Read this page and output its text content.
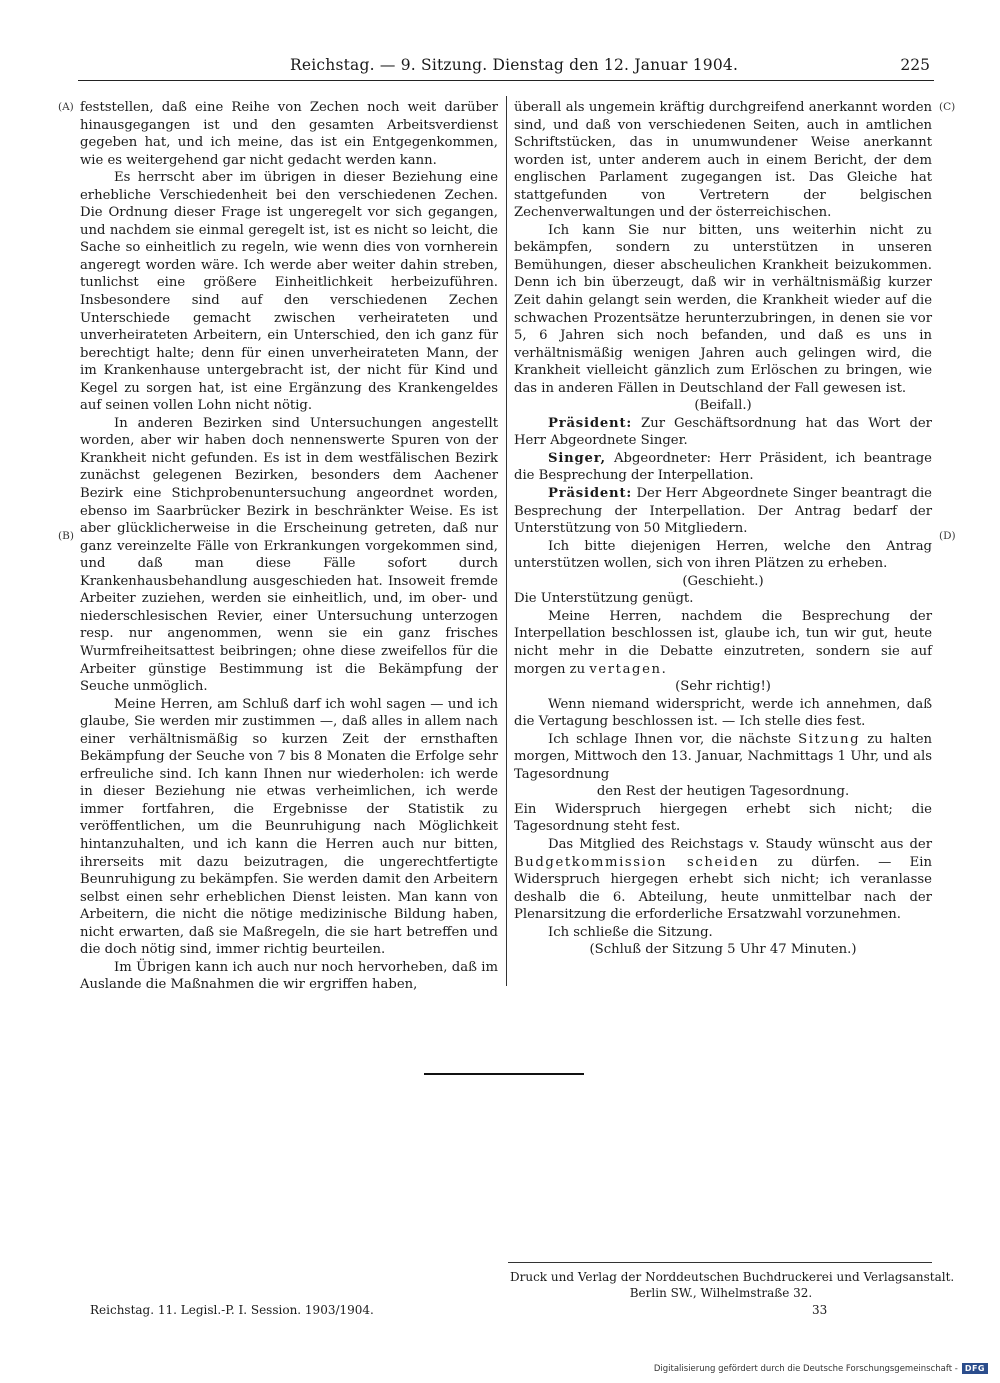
Reichstag. — 9. Sitzung. Dienstag den 12. Januar 1904.	225
(A)
(B)
(C)
(D)

feststellen, daß eine Reihe von Zechen noch weit darüber hinausgegangen ist und den gesamten Arbeitsverdienst gegeben hat, und ich meine, das ist ein Entgegenkommen, wie es weitergehend gar nicht gedacht werden kann.

Es herrscht aber im übrigen in dieser Beziehung eine erhebliche Verschiedenheit bei den verschiedenen Zechen. Die Ordnung dieser Frage ist ungeregelt vor sich gegangen, und nachdem sie einmal geregelt ist, ist es nicht so leicht, die Sache so einheitlich zu regeln, wie wenn dies von vornherein angeregt worden wäre. Ich werde aber weiter dahin streben, tunlichst eine größere Einheitlichkeit herbeizuführen. Insbesondere sind auf den verschiedenen Zechen Unterschiede gemacht zwischen verheirateten und unverheirateten Arbeitern, ein Unterschied, den ich ganz für berechtigt halte; denn für einen unverheirateten Mann, der im Krankenhause untergebracht ist, der nicht für Kind und Kegel zu sorgen hat, ist eine Ergänzung des Krankengeldes auf seinen vollen Lohn nicht nötig.

In anderen Bezirken sind Untersuchungen angestellt worden, aber wir haben doch nennenswerte Spuren von der Krankheit nicht gefunden. Es ist in dem westfälischen Bezirk zunächst gelegenen Bezirken, besonders dem Aachener Bezirk eine Stichprobenuntersuchung angeordnet worden, ebenso im Saarbrücker Bezirk in beschränkter Weise. Es ist aber glücklicherweise in die Erscheinung getreten, daß nur ganz vereinzelte Fälle von Erkrankungen vorgekommen sind, und daß man diese Fälle sofort durch Krankenhausbehandlung ausgeschieden hat. Insoweit fremde Arbeiter zuziehen, werden sie einheitlich, und, im ober- und niederschlesischen Revier, einer Untersuchung unterzogen resp. nur angenommen, wenn sie ein ganz frisches Wurmfreiheitsattest beibringen; ohne diese zweifellos für die Arbeiter günstige Bestimmung ist die Bekämpfung der Seuche unmöglich.

Meine Herren, am Schluß darf ich wohl sagen — und ich glaube, Sie werden mir zustimmen —, daß alles in allem nach einer verhältnismäßig so kurzen Zeit der ernsthaften Bekämpfung der Seuche von 7 bis 8 Monaten die Erfolge sehr erfreuliche sind. Ich kann Ihnen nur wiederholen: ich werde in dieser Beziehung nie etwas verheimlichen, ich werde immer fortfahren, die Ergebnisse der Statistik zu veröffentlichen, um die Beunruhigung nach Möglichkeit hintanzuhalten, und ich kann die Herren auch nur bitten, ihrerseits mit dazu beizutragen, die ungerechtfertigte Beunruhigung zu bekämpfen. Sie werden damit den Arbeitern selbst einen sehr erheblichen Dienst leisten. Man kann von Arbeitern, die nicht die nötige medizinische Bildung haben, nicht erwarten, daß sie Maßregeln, die sie hart betreffen und die doch nötig sind, immer richtig beurteilen.

Im Übrigen kann ich auch nur noch hervorheben, daß im Auslande die Maßnahmen die wir ergriffen haben,

überall als ungemein kräftig durchgreifend anerkannt worden sind, und daß von verschiedenen Seiten, auch in amtlichen Schriftstücken, das in unumwundener Weise anerkannt worden ist, unter anderem auch in einem Bericht, der dem englischen Parlament zugegangen ist. Das Gleiche hat stattgefunden von Vertretern der belgischen Zechenverwaltungen und der österreichischen.

Ich kann Sie nur bitten, uns weiterhin nicht zu bekämpfen, sondern zu unterstützen in unseren Bemühungen, dieser abscheulichen Krankheit beizukommen. Denn ich bin überzeugt, daß wir in verhältnismäßig kurzer Zeit dahin gelangt sein werden, die Krankheit wieder auf die schwachen Prozentsätze herunterzubringen, in denen sie vor 5, 6 Jahren sich noch befanden, und daß es uns in verhältnismäßig wenigen Jahren auch gelingen wird, die Krankheit vielleicht gänzlich zum Erlöschen zu bringen, wie das in anderen Fällen in Deutschland der Fall gewesen ist.

(Beifall.)

Präsident: Zur Geschäftsordnung hat das Wort der Herr Abgeordnete Singer.

Singer, Abgeordneter: Herr Präsident, ich beantrage die Besprechung der Interpellation.

Präsident: Der Herr Abgeordnete Singer beantragt die Besprechung der Interpellation. Der Antrag bedarf der Unterstützung von 50 Mitgliedern.

Ich bitte diejenigen Herren, welche den Antrag unterstützen wollen, sich von ihren Plätzen zu erheben.

(Geschieht.)

Die Unterstützung genügt.

Meine Herren, nachdem die Besprechung der Interpellation beschlossen ist, glaube ich, tun wir gut, heute nicht mehr in die Debatte einzutreten, sondern sie auf morgen zu vertagen.

(Sehr richtig!)

Wenn niemand widerspricht, werde ich annehmen, daß die Vertagung beschlossen ist. — Ich stelle dies fest.

Ich schlage Ihnen vor, die nächste Sitzung zu halten morgen, Mittwoch den 13. Januar, Nachmittags 1 Uhr, und als Tagesordnung

den Rest der heutigen Tagesordnung.

Ein Widerspruch hiergegen erhebt sich nicht; die Tagesordnung steht fest.

Das Mitglied des Reichstags v. Staudy wünscht aus der Budgetkommission scheiden zu dürfen. — Ein Widerspruch hiergegen erhebt sich nicht; ich veranlasse deshalb die 6. Abteilung, heute unmittelbar nach der Plenarsitzung die erforderliche Ersatzwahl vorzunehmen.

Ich schließe die Sitzung.

(Schluß der Sitzung 5 Uhr 47 Minuten.)

Druck und Verlag der Norddeutschen Buchdruckerei und Verlagsanstalt.
Berlin SW., Wilhelmstraße 32.
Reichstag. 11. Legisl.-P. I. Session. 1903/1904.	33
Digitalisierung gefördert durch die Deutsche Forschungsgemeinschaft - DFG
